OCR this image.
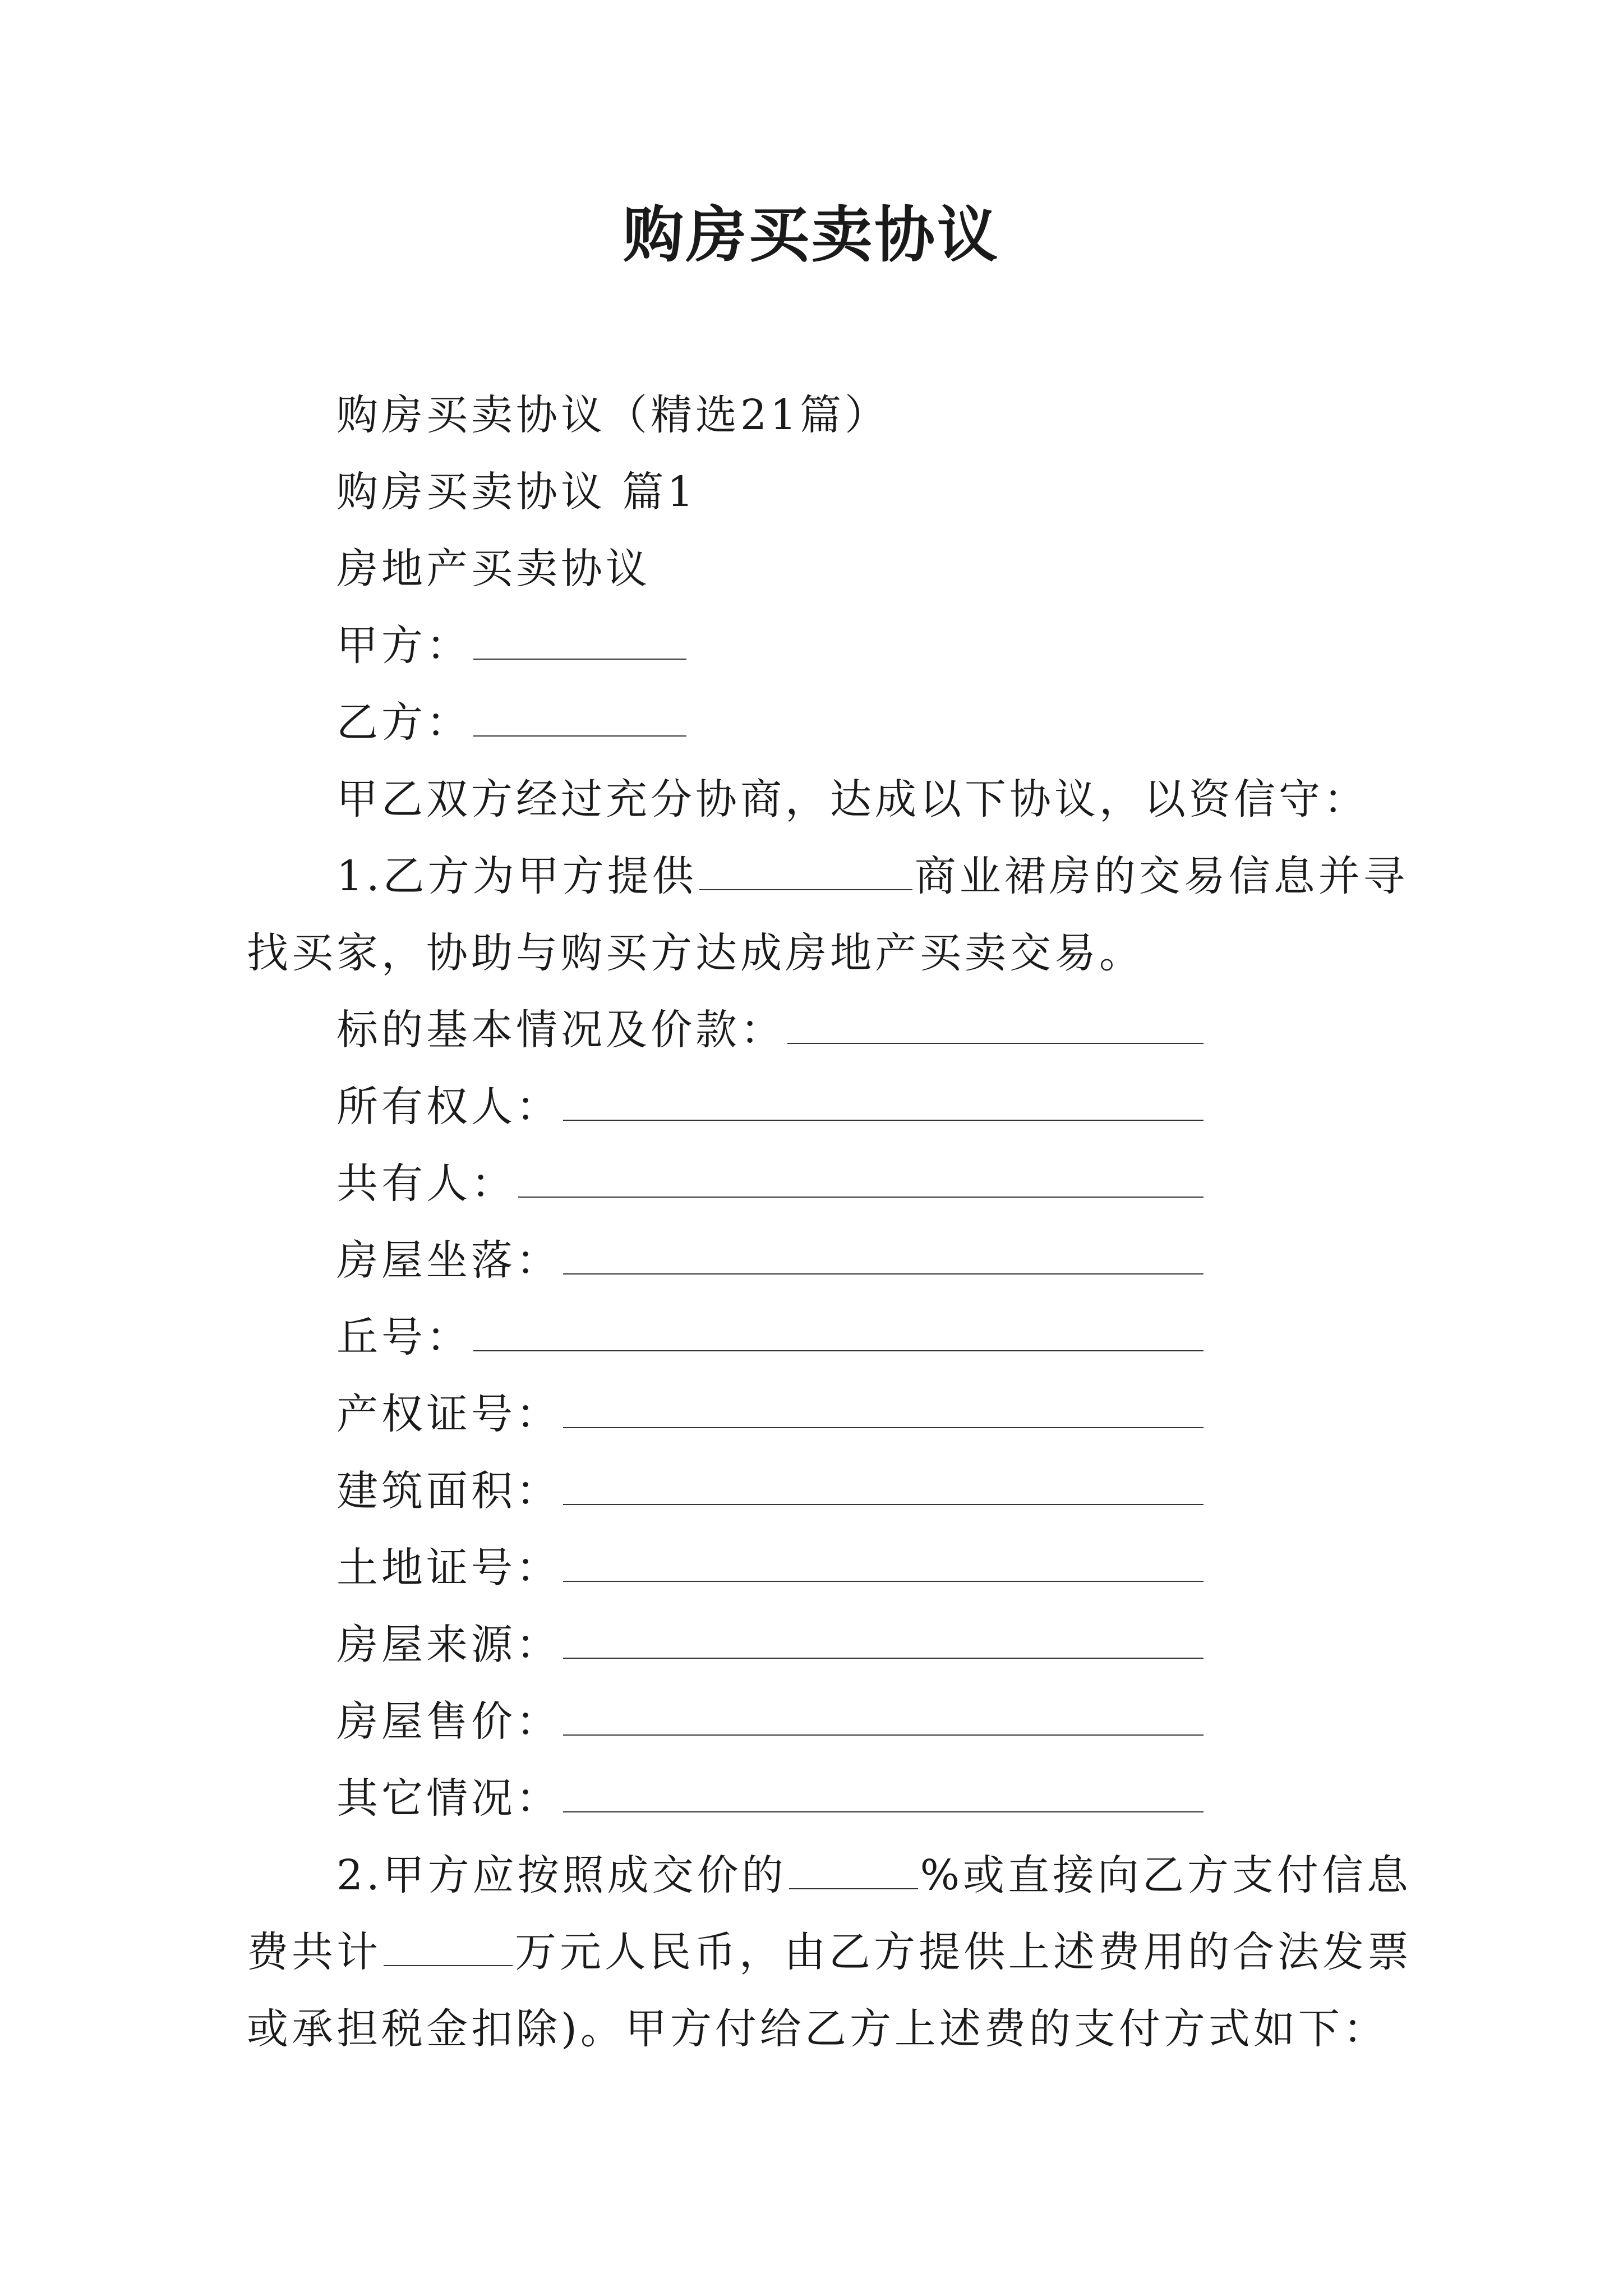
购房买卖协议
购房买卖协议（精选21篇）
购房买卖协议 篇1
房地产买卖协议
甲方：
乙方：
甲乙双方经过充分协商，达成以下协议，以资信守：
1.乙方为甲方提供	商业裙房的交易信息并寻
找买家，协助与购买方达成房地产买卖交易。
标的基本情况及价款：
所有权人：
共有人：
房屋坐落：
丘号：
产权证号：
建筑面积：
土地证号：
房屋来源：
房屋售价：
其它情况：
2.甲方应按照成交价的	%或直接向乙方支付信息
费共计	万元人民币，由乙方提供上述费用的合法发票
或承担税金扣除)。甲方付给乙方上述费的支付方式如下：
